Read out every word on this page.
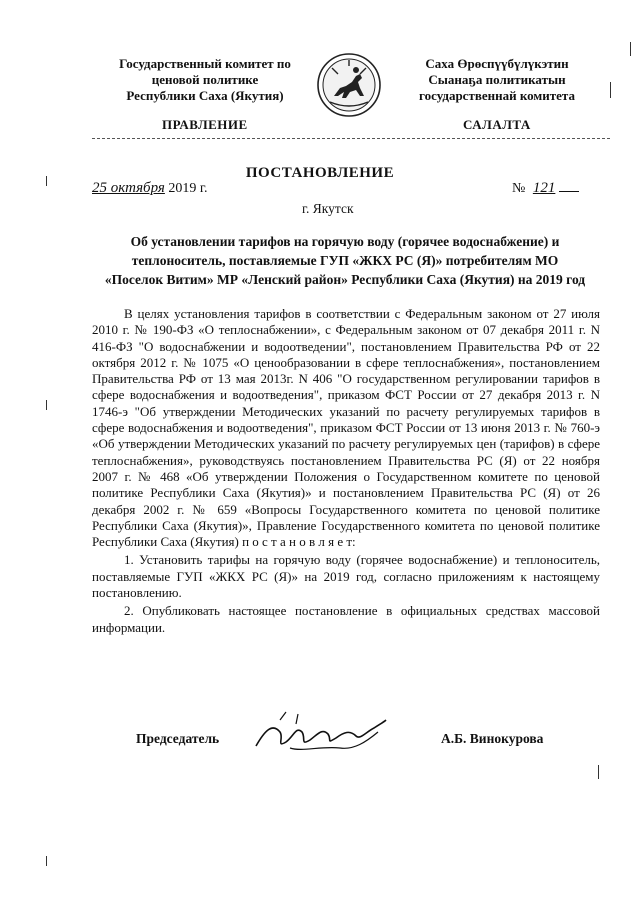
Государственный комитет по
ценовой политике
Республики Саха (Якутия)
Саха Өрөспүүбүлүкэтин
Сыанаҕа политикатын
государственнай комитета
ПРАВЛЕНИЕ	САЛАЛТА
ПОСТАНОВЛЕНИЕ
25 октября 2019 г.	№ 121
г. Якутск
Об установлении тарифов на горячую воду (горячее водоснабжение) и
теплоноситель, поставляемые ГУП «ЖКХ РС (Я)» потребителям МО
«Поселок Витим» МР «Ленский район» Республики Саха (Якутия) на 2019 год

В целях установления тарифов в соответствии с Федеральным законом от 27 июля 2010 г. № 190-ФЗ «О теплоснабжении», с Федеральным законом от 07 декабря 2011 г. N 416-ФЗ "О водоснабжении и водоотведении", постановлением Правительства РФ от 22 октября 2012 г. № 1075 «О ценообразовании в сфере теплоснабжения», постановлением Правительства РФ от 13 мая 2013г. N 406 "О государственном регулировании тарифов в сфере водоснабжения и водоотведения", приказом ФСТ России от 27 декабря 2013 г. N 1746-э "Об утверждении Методических указаний по расчету регулируемых тарифов в сфере водоснабжения и водоотведения", приказом ФСТ России от 13 июня 2013 г. № 760-э «Об утверждении Методических указаний по расчету регулируемых цен (тарифов) в сфере теплоснабжения», руководствуясь постановлением Правительства РС (Я) от 22 ноября 2007 г. № 468 «Об утверждении Положения о Государственном комитете по ценовой политике Республики Саха (Якутия)» и постановлением Правительства РС (Я) от 26 декабря 2002 г. № 659 «Вопросы Государственного комитета по ценовой политике Республики Саха (Якутия)», Правление Государственного комитета по ценовой политике Республики Саха (Якутия) п о с т а н о в л я е т:

1. Установить тарифы на горячую воду (горячее водоснабжение) и теплоноситель, поставляемые ГУП «ЖКХ РС (Я)» на 2019 год, согласно приложениям к настоящему постановлению.

2. Опубликовать настоящее постановление в официальных средствах массовой информации.

Председатель	А.Б. Винокурова
